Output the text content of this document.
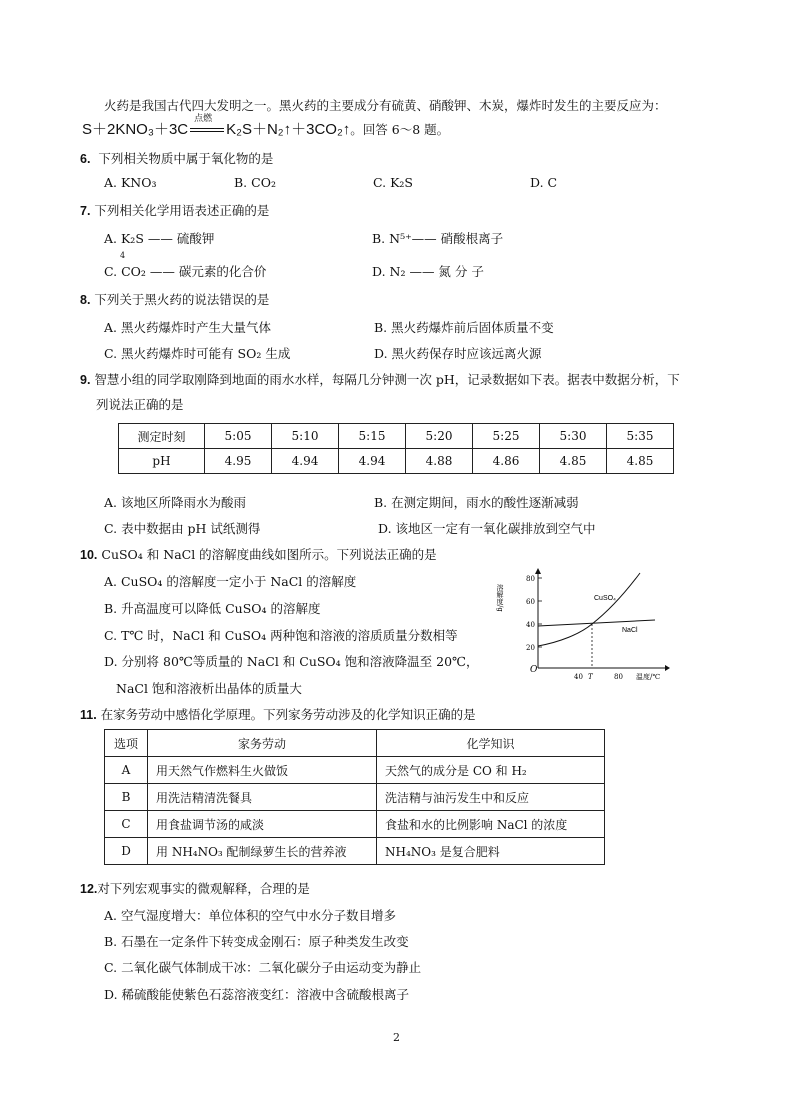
火药是我国古代四大发明之一。黑火药的主要成分有硫黄、硝酸钾、木炭，爆炸时发生的主要反应为：
S＋2KNO₃＋3C
点燃
K₂S＋N₂↑＋3CO₂↑。回答 6～8 题。
6. 下列相关物质中属于氧化物的是
A. KNO₃	B. CO₂	C. K₂S	D. C
7. 下列相关化学用语表述正确的是
A. K₂S —— 硫酸钾	B. N⁵⁺—— 硝酸根离子
C. CO₂ —— 碳元素的化合价
4
D. N₂ —— 氮 分 子
8. 下列关于黑火药的说法错误的是
A. 黑火药爆炸时产生大量气体	B. 黑火药爆炸前后固体质量不变
C. 黑火药爆炸时可能有 SO₂ 生成	D. 黑火药保存时应该远离火源
9. 智慧小组的同学取刚降到地面的雨水水样，每隔几分钟测一次 pH，记录数据如下表。据表中数据分析，下
列说法正确的是
测定时刻	5:05	5:10	5:15	5:20	5:25	5:30	5:35
pH	4.95	4.94	4.94	4.88	4.86	4.85	4.85
A. 该地区所降雨水为酸雨	B. 在测定期间，雨水的酸性逐渐减弱
C. 表中数据由 pH 试纸测得	D. 该地区一定有一氧化碳排放到空气中
10. CuSO₄ 和 NaCl 的溶解度曲线如图所示。下列说法正确的是
A. CuSO₄ 的溶解度一定小于 NaCl 的溶解度
B. 升高温度可以降低 CuSO₄ 的溶解度
C. T℃ 时，NaCl 和 CuSO₄ 两种饱和溶液的溶质质量分数相等
D. 分别将 80℃等质量的 NaCl 和 CuSO₄ 饱和溶液降温至 20℃，
NaCl 饱和溶液析出晶体的质量大
O
80
60
40
20
溶解度/g
40 T	80 温度/℃
CuSO₄
NaCl
11. 在家务劳动中感悟化学原理。下列家务劳动涉及的化学知识正确的是
选项	家务劳动	化学知识
A	用天然气作燃料生火做饭	天然气的成分是 CO 和 H₂
B	用洗洁精清洗餐具	洗洁精与油污发生中和反应
C	用食盐调节汤的咸淡	食盐和水的比例影响 NaCl 的浓度
D	用 NH₄NO₃ 配制绿萝生长的营养液	NH₄NO₃ 是复合肥料
12.对下列宏观事实的微观解释，合理的是
A. 空气湿度增大：单位体积的空气中水分子数目增多
B. 石墨在一定条件下转变成金刚石：原子种类发生改变
C. 二氧化碳气体制成干冰：二氧化碳分子由运动变为静止
D. 稀硫酸能使紫色石蕊溶液变红：溶液中含硫酸根离子
2
